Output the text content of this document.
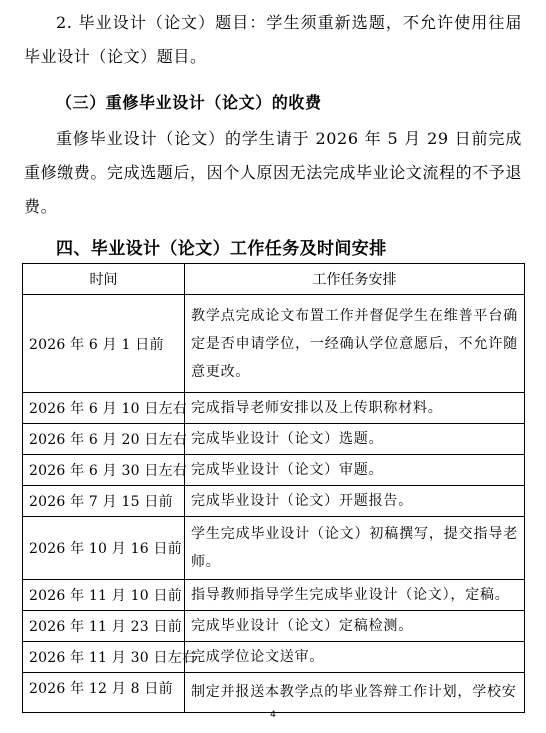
2. 毕业设计（论文）题目：学生须重新选题，不允许使用往届毕业设计（论文）题目。

（三）重修毕业设计（论文）的收费

重修毕业设计（论文）的学生请于 2026 年 5 月 29 日前完成重修缴费。完成选题后，因个人原因无法完成毕业论文流程的不予退费。

四、毕业设计（论文）工作任务及时间安排
时间	工作任务安排
2026 年 6 月 1 日前	教学点完成论文布置工作并督促学生在维普平台确定是否申请学位，一经确认学位意愿后，不允许随意更改。
2026 年 6 月 10 日左右	完成指导老师安排以及上传职称材料。
2026 年 6 月 20 日左右	完成毕业设计（论文）选题。
2026 年 6 月 30 日左右	完成毕业设计（论文）审题。
2026 年 7 月 15 日前	完成毕业设计（论文）开题报告。
2026 年 10 月 16 日前	学生完成毕业设计（论文）初稿撰写，提交指导老师。
2026 年 11 月 10 日前	指导教师指导学生完成毕业设计（论文），定稿。
2026 年 11 月 23 日前	完成毕业设计（论文）定稿检测。
2026 年 11 月 30 日左右	完成学位论文送审。
2026 年 12 月 8 日前	制定并报送本教学点的毕业答辩工作计划，学校安
4
